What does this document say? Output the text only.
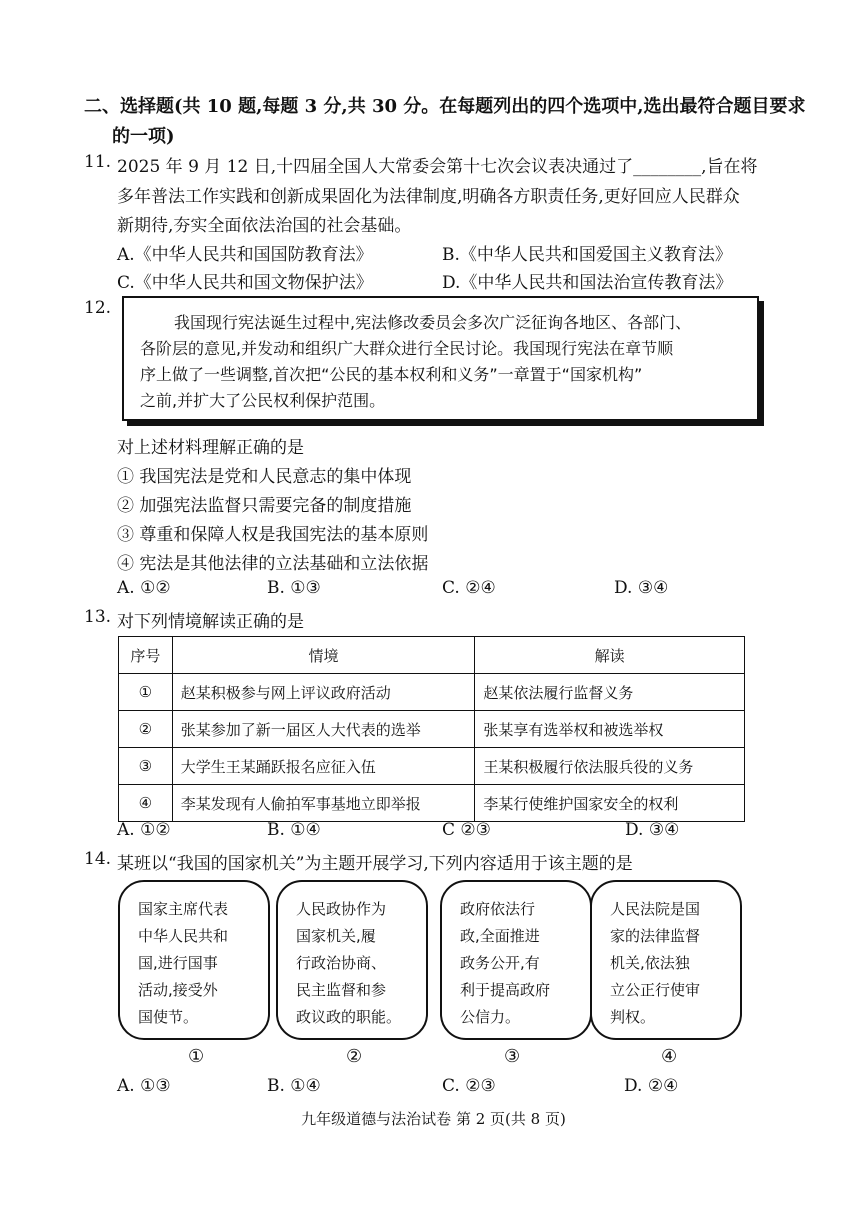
二、选择题(共 10 题,每题 3 分,共 30 分。在每题列出的四个选项中,选出最符合题目要求
的一项)
11. 2025 年 9 月 12 日,十四届全国人大常委会第十七次会议表决通过了________,旨在将
多年普法工作实践和创新成果固化为法律制度,明确各方职责任务,更好回应人民群众
新期待,夯实全面依法治国的社会基础。
A.《中华人民共和国国防教育法》	B.《中华人民共和国爱国主义教育法》
C.《中华人民共和国文物保护法》	D.《中华人民共和国法治宣传教育法》
12.
我国现行宪法诞生过程中,宪法修改委员会多次广泛征询各地区、各部门、
各阶层的意见,并发动和组织广大群众进行全民讨论。我国现行宪法在章节顺
序上做了一些调整,首次把“公民的基本权利和义务”一章置于“国家机构”
之前,并扩大了公民权利保护范围。
对上述材料理解正确的是
① 我国宪法是党和人民意志的集中体现
② 加强宪法监督只需要完备的制度措施
③ 尊重和保障人权是我国宪法的基本原则
④ 宪法是其他法律的立法基础和立法依据
A. ①②	B. ①③	C. ②④	D. ③④
13. 对下列情境解读正确的是
序号	情境	解读
①	赵某积极参与网上评议政府活动	赵某依法履行监督义务
②	张某参加了新一届区人大代表的选举	张某享有选举权和被选举权
③	大学生王某踊跃报名应征入伍	王某积极履行依法服兵役的义务
④	李某发现有人偷拍军事基地立即举报	李某行使维护国家安全的权利
A. ①②	B. ①④	C ②③	D. ③④
14. 某班以“我国的国家机关”为主题开展学习,下列内容适用于该主题的是
国家主席代表
中华人民共和
国,进行国事
活动,接受外
国使节。
人民政协作为
国家机关,履
行政治协商、
民主监督和参
政议政的职能。
政府依法行
政,全面推进
政务公开,有
利于提高政府
公信力。
人民法院是国
家的法律监督
机关,依法独
立公正行使审
判权。
①	②	③	④
A. ①③	B. ①④	C. ②③	D. ②④
九年级道德与法治试卷 第 2 页(共 8 页)
